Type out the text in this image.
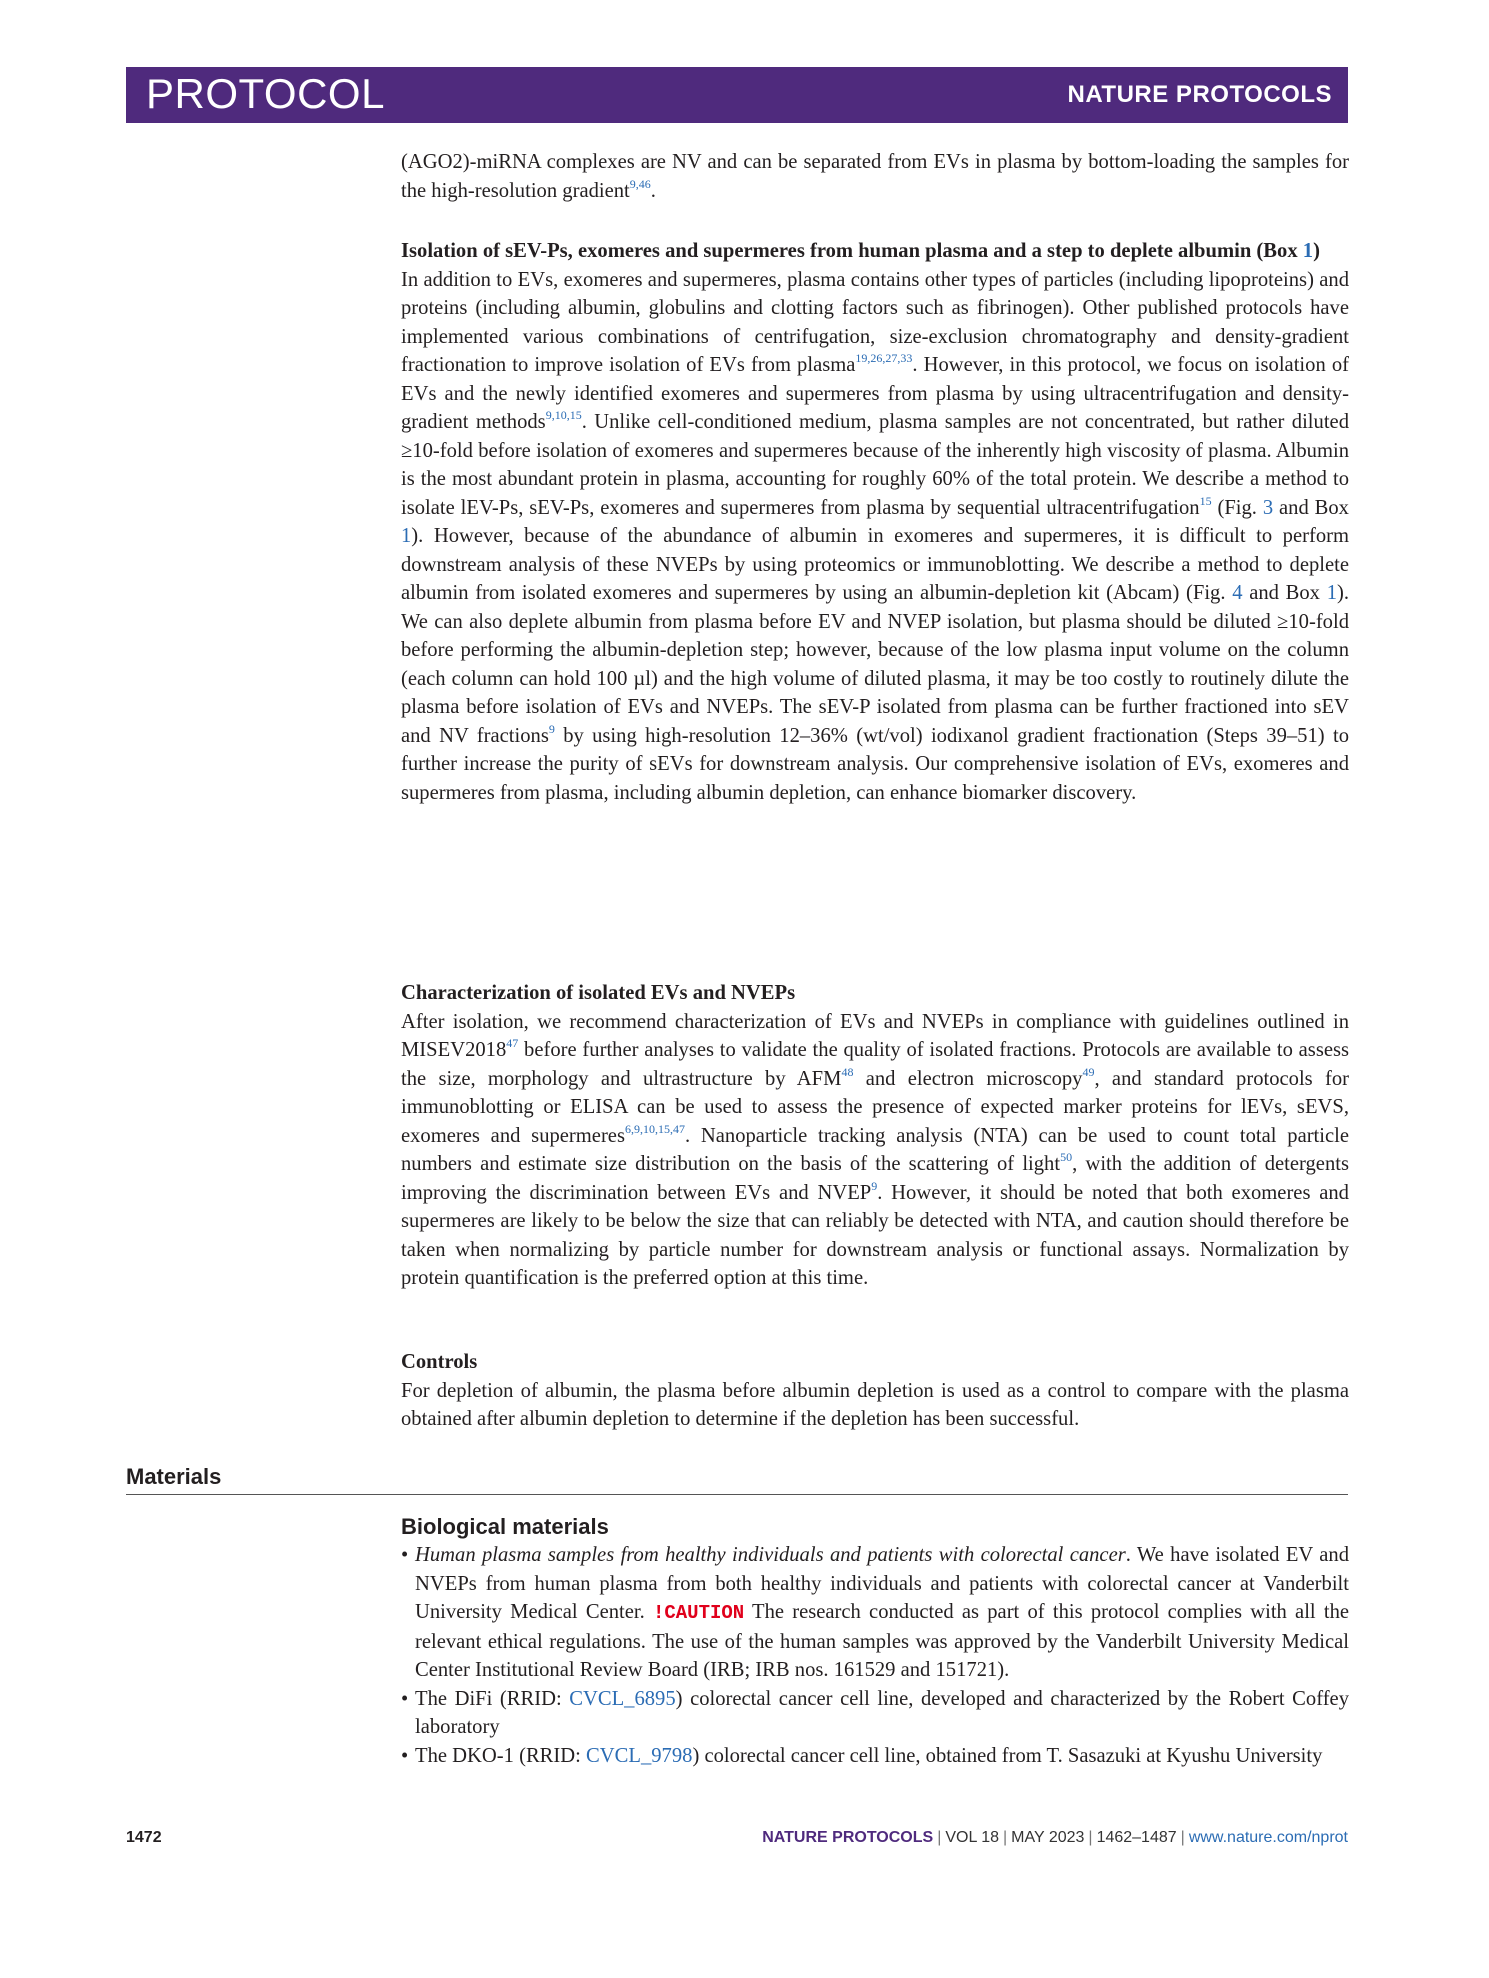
PROTOCOL	NATURE PROTOCOLS

(AGO2)-miRNA complexes are NV and can be separated from EVs in plasma by bottom-loading the samples for the high-resolution gradient$^{9,46}$.

Isolation of sEV-Ps, exomeres and supermeres from human plasma and a step to deplete albumin (Box 1)

In addition to EVs, exomeres and supermeres, plasma contains other types of particles (including lipoproteins) and proteins (including albumin, globulins and clotting factors such as fibrinogen). Other published protocols have implemented various combinations of centrifugation, size-exclusion chromatography and density-gradient fractionation to improve isolation of EVs from plasma$^{19,26,27,33}$. However, in this protocol, we focus on isolation of EVs and the newly identified exomeres and supermeres from plasma by using ultracentrifugation and density-gradient methods$^{9,10,15}$. Unlike cell-conditioned medium, plasma samples are not concentrated, but rather diluted ≥10-fold before isolation of exomeres and supermeres because of the inherently high viscosity of plasma. Albumin is the most abundant protein in plasma, accounting for roughly 60% of the total protein. We describe a method to isolate lEV-Ps, sEV-Ps, exomeres and supermeres from plasma by sequential ultracentrifugation$^{15}$ (Fig. 3 and Box 1). However, because of the abundance of albumin in exomeres and supermeres, it is difficult to perform downstream analysis of these NVEPs by using proteomics or immunoblotting. We describe a method to deplete albumin from isolated exomeres and supermeres by using an albumin-depletion kit (Abcam) (Fig. 4 and Box 1). We can also deplete albumin from plasma before EV and NVEP isolation, but plasma should be diluted ≥10-fold before performing the albumin-depletion step; however, because of the low plasma input volume on the column (each column can hold 100 µl) and the high volume of diluted plasma, it may be too costly to routinely dilute the plasma before isolation of EVs and NVEPs. The sEV-P isolated from plasma can be further fractioned into sEV and NV fractions$^9$ by using high-resolution 12–36% (wt/vol) iodixanol gradient fractionation (Steps 39–51) to further increase the purity of sEVs for downstream analysis. Our comprehensive isolation of EVs, exomeres and supermeres from plasma, including albumin depletion, can enhance biomarker discovery.

Characterization of isolated EVs and NVEPs

After isolation, we recommend characterization of EVs and NVEPs in compliance with guidelines outlined in MISEV2018$^{47}$ before further analyses to validate the quality of isolated fractions. Protocols are available to assess the size, morphology and ultrastructure by AFM$^{48}$ and electron microscopy$^{49}$, and standard protocols for immunoblotting or ELISA can be used to assess the presence of expected marker proteins for lEVs, sEVS, exomeres and supermeres$^{6,9,10,15,47}$. Nanoparticle tracking analysis (NTA) can be used to count total particle numbers and estimate size distribution on the basis of the scattering of light$^{50}$, with the addition of detergents improving the discrimination between EVs and NVEP$^9$. However, it should be noted that both exomeres and supermeres are likely to be below the size that can reliably be detected with NTA, and caution should therefore be taken when normalizing by particle number for downstream analysis or functional assays. Normalization by protein quantification is the preferred option at this time.

Controls

For depletion of albumin, the plasma before albumin depletion is used as a control to compare with the plasma obtained after albumin depletion to determine if the depletion has been successful.

Materials
Biological materials
• Human plasma samples from healthy individuals and patients with colorectal cancer. We have isolated EV and NVEPs from human plasma from both healthy individuals and patients with colorectal cancer at Vanderbilt University Medical Center. !CAUTION The research conducted as part of this protocol complies with all the relevant ethical regulations. The use of the human samples was approved by the Vanderbilt University Medical Center Institutional Review Board (IRB; IRB nos. 161529 and 151721).
• The DiFi (RRID: CVCL_6895) colorectal cancer cell line, developed and characterized by the Robert Coffey laboratory
• The DKO-1 (RRID: CVCL_9798) colorectal cancer cell line, obtained from T. Sasazuki at Kyushu University
1472	NATURE PROTOCOLS | VOL 18 | MAY 2023 | 1462–1487 | www.nature.com/nprot
